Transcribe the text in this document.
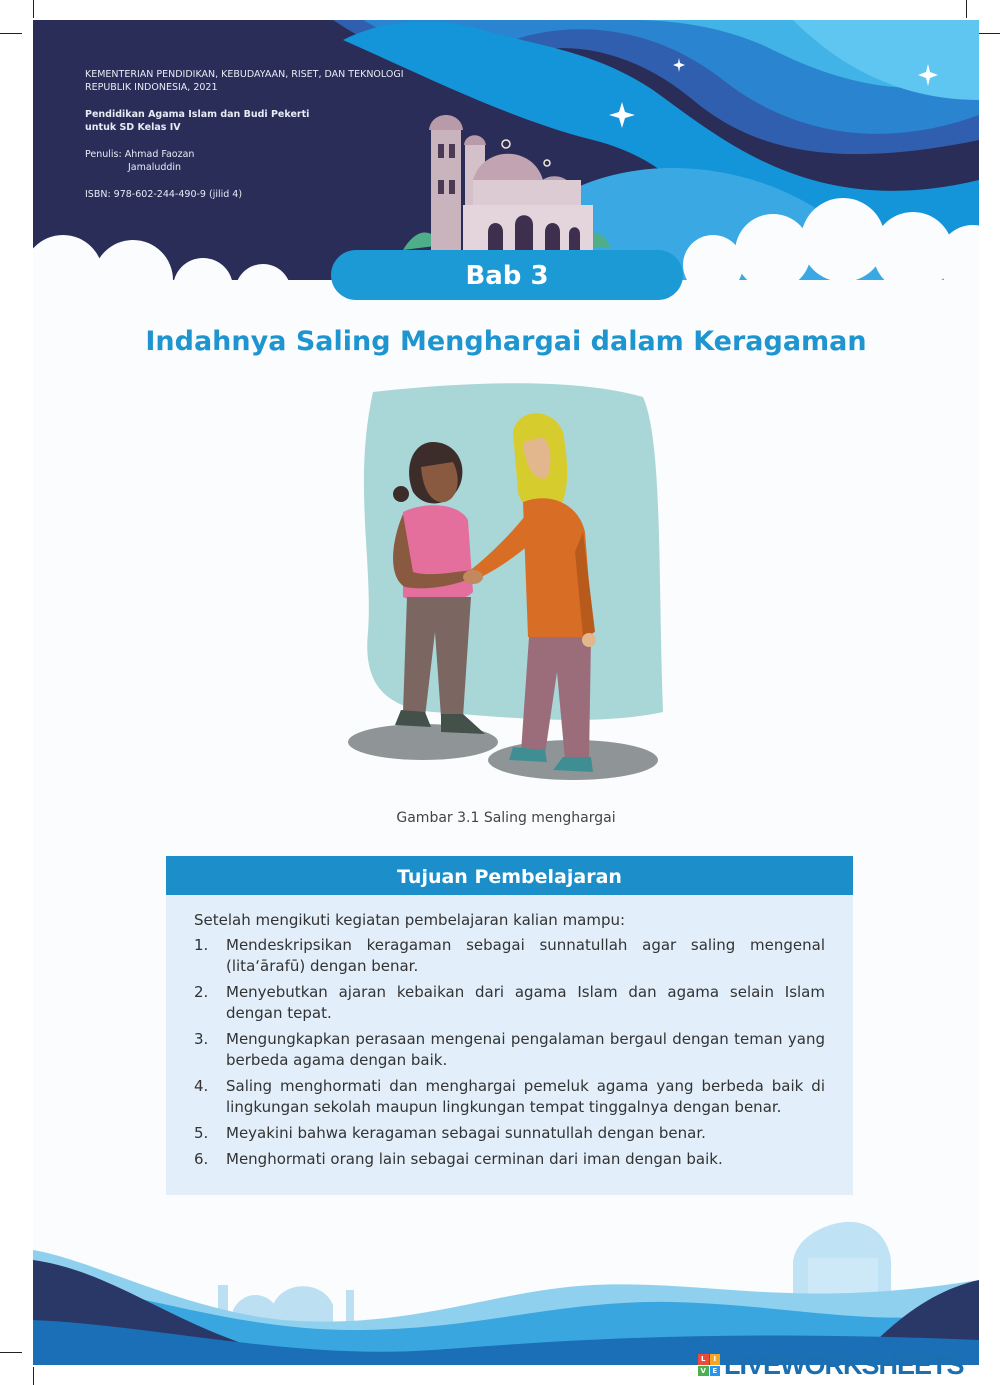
KEMENTERIAN PENDIDIKAN, KEBUDAYAAN, RISET, DAN TEKNOLOGI
REPUBLIK INDONESIA, 2021

Pendidikan Agama Islam dan Budi Pekerti
untuk SD Kelas IV

Penulis: Ahmad Faozan
Jamaluddin

ISBN: 978-602-244-490-9 (jilid 4)

Bab 3
Indahnya Saling Menghargai dalam Keragaman
Gambar 3.1 Saling menghargai
Tujuan Pembelajaran
Setelah mengikuti kegiatan pembelajaran kalian mampu:
1.	Mendeskripsikan keragaman sebagai sunnatullah agar saling mengenal (lita‘ārafū) dengan benar.
2.	Menyebutkan ajaran kebaikan dari agama Islam dan agama selain Islam dengan tepat.
3.	Mengungkapkan perasaan mengenai pengalaman bergaul dengan teman yang berbeda agama dengan baik.
4.	Saling menghormati dan menghargai pemeluk agama yang berbeda baik di lingkungan sekolah maupun lingkungan tempat tinggalnya dengan benar.
5.	Meyakini bahwa keragaman sebagai sunnatullah dengan benar.
6.	Menghormati orang lain sebagai cerminan dari iman dengan baik.
L	I
V E LIVEWORKSHEETS
